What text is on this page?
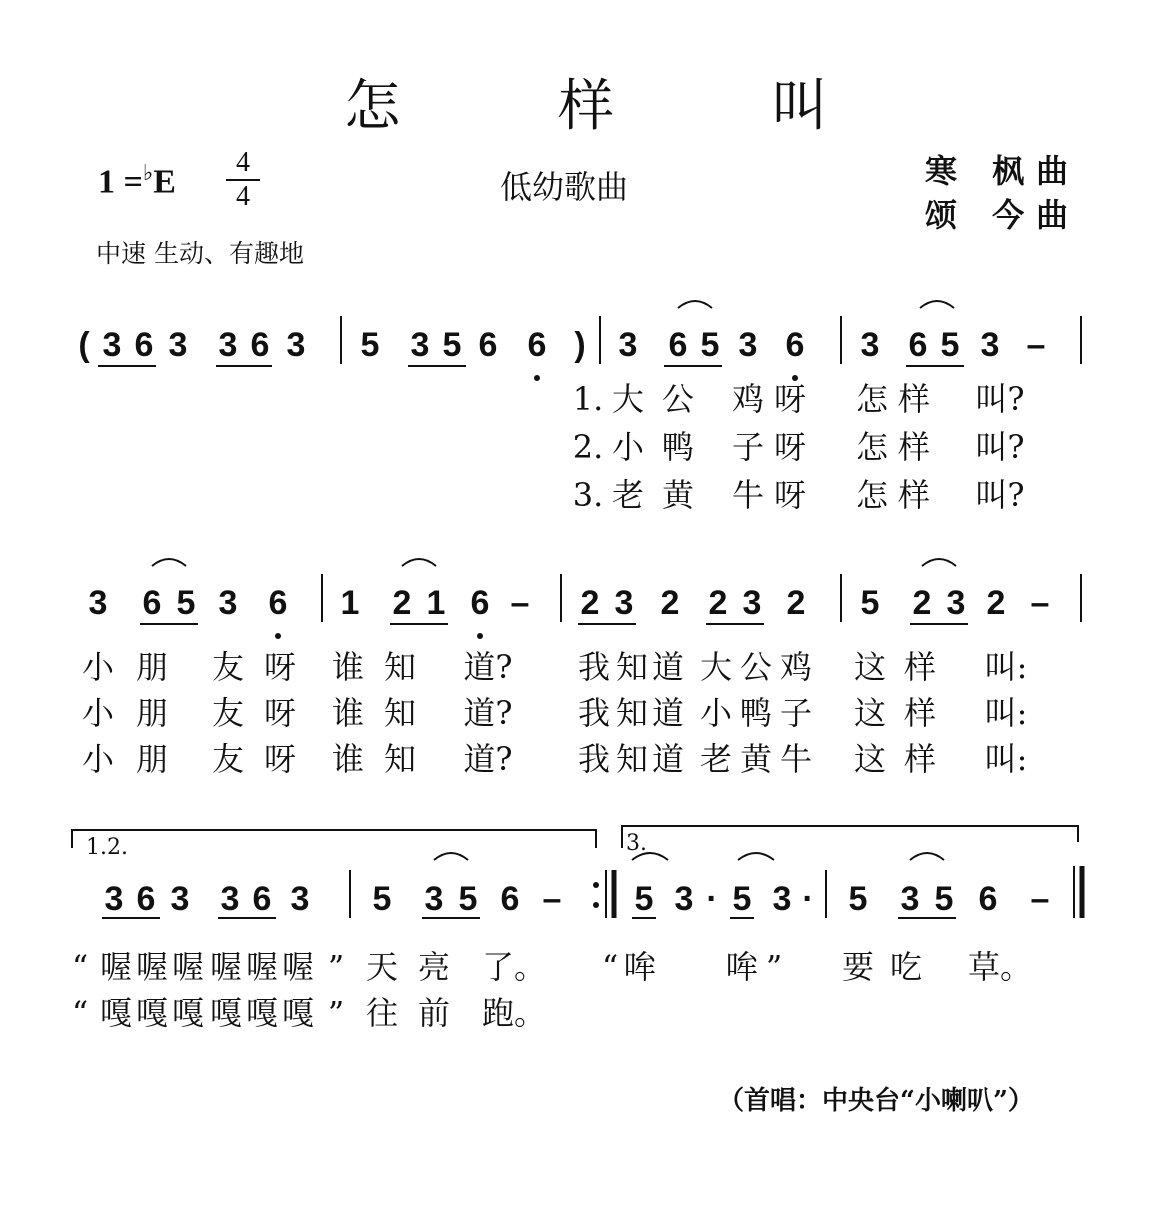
怎 样 叫
1 =♭E
4
4	低幼歌曲	寒 枫曲
颂 今曲
中速 生动、有趣地
（首唱：中央台“小喇叭”）
( 3 6 3 3 6 3 5 3 5 6 6 ) 3 6 5 3 6 3 6 5 3 –
1. 大 公 鸡 呀 怎 样 叫?
2. 小 鸭 子 呀 怎 样 叫?
3. 老 黄 牛 呀 怎 样 叫?
3 6 5 3 6 1 2 1 6 – 2 3 2 2 3 2 5 2 3 2 –
小 朋 友 呀 谁 知 道? 我 知 道 大 公 鸡 这 样 叫:
小 朋 友 呀 谁 知 道? 我 知 道 小 鸭 子 这 样 叫:
小 朋 友 呀 谁 知 道? 我 知 道 老 黄 牛 这 样 叫:
1.2.	3.
3 6 3 3 6 3 5 3 5 6 – 5 3 · 5 3 · 5 3 5 6 –
“ 喔 喔 喔 喔 喔 喔 ” 天 亮 了。 “ 哞 哞 ” 要 吃 草。
“ 嘎 嘎 嘎 嘎 嘎 嘎 ” 往 前 跑。
